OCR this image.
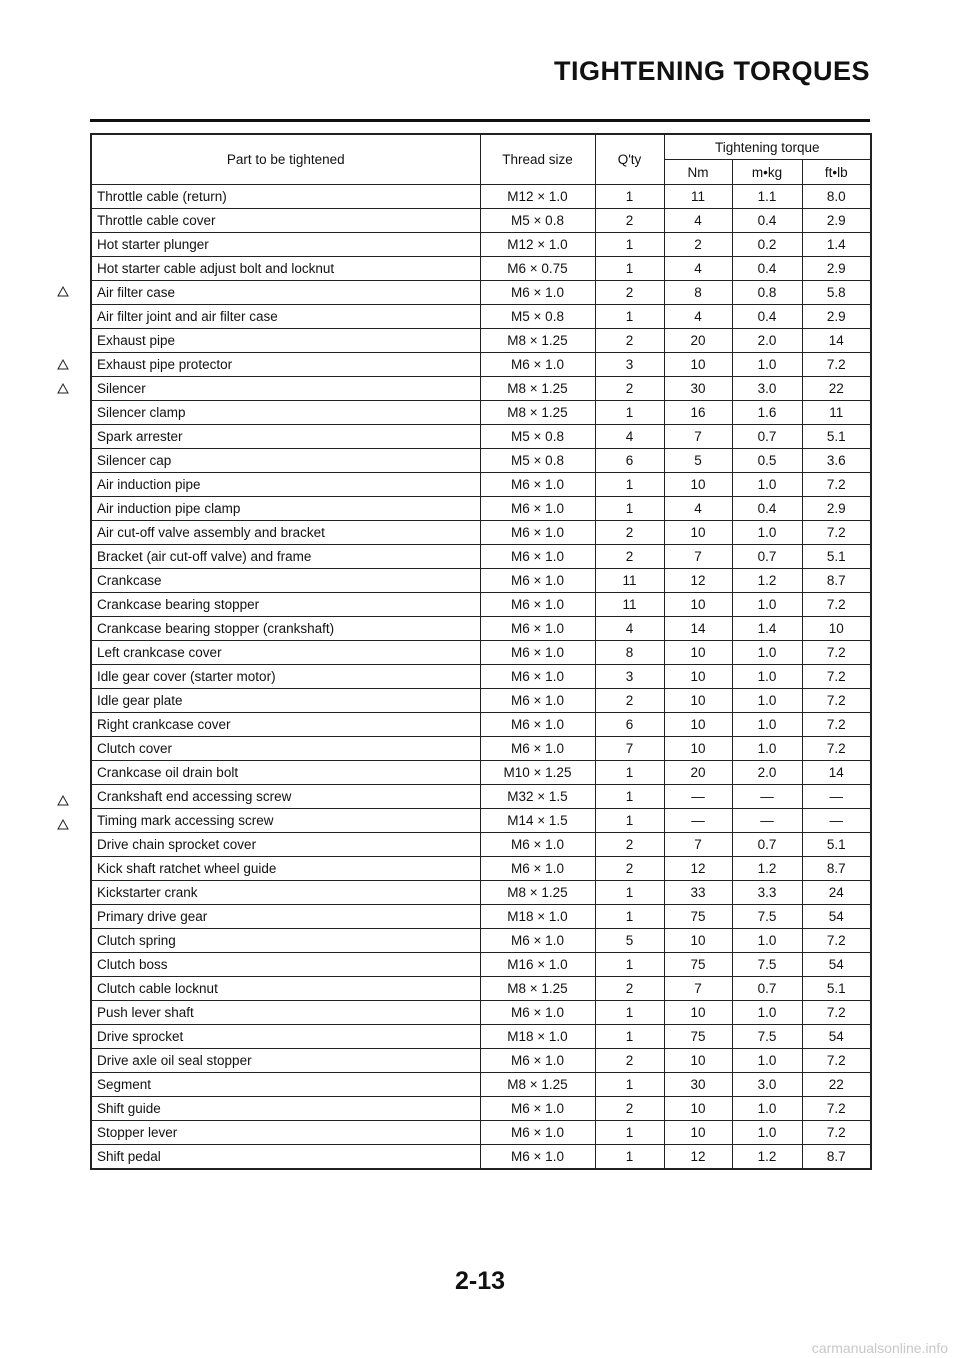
TIGHTENING TORQUES
Part to be tightened	Thread size	Q'ty	Tightening torque		
			Nm	m•kg	ft•lb
Throttle cable (return)	M12 × 1.0	1	11	1.1	8.0
Throttle cable cover	M5 × 0.8	2	4	0.4	2.9
Hot starter plunger	M12 × 1.0	1	2	0.2	1.4
Hot starter cable adjust bolt and locknut	M6 × 0.75	1	4	0.4	2.9
Air filter case	M6 × 1.0	2	8	0.8	5.8
Air filter joint and air filter case	M5 × 0.8	1	4	0.4	2.9
Exhaust pipe	M8 × 1.25	2	20	2.0	14
Exhaust pipe protector	M6 × 1.0	3	10	1.0	7.2
Silencer	M8 × 1.25	2	30	3.0	22
Silencer clamp	M8 × 1.25	1	16	1.6	11
Spark arrester	M5 × 0.8	4	7	0.7	5.1
Silencer cap	M5 × 0.8	6	5	0.5	3.6
Air induction pipe	M6 × 1.0	1	10	1.0	7.2
Air induction pipe clamp	M6 × 1.0	1	4	0.4	2.9
Air cut-off valve assembly and bracket	M6 × 1.0	2	10	1.0	7.2
Bracket (air cut-off valve) and frame	M6 × 1.0	2	7	0.7	5.1
Crankcase	M6 × 1.0	11	12	1.2	8.7
Crankcase bearing stopper	M6 × 1.0	11	10	1.0	7.2
Crankcase bearing stopper (crankshaft)	M6 × 1.0	4	14	1.4	10
Left crankcase cover	M6 × 1.0	8	10	1.0	7.2
Idle gear cover (starter motor)	M6 × 1.0	3	10	1.0	7.2
Idle gear plate	M6 × 1.0	2	10	1.0	7.2
Right crankcase cover	M6 × 1.0	6	10	1.0	7.2
Clutch cover	M6 × 1.0	7	10	1.0	7.2
Crankcase oil drain bolt	M10 × 1.25	1	20	2.0	14
Crankshaft end accessing screw	M32 × 1.5	1	—	—	—
Timing mark accessing screw	M14 × 1.5	1	—	—	—
Drive chain sprocket cover	M6 × 1.0	2	7	0.7	5.1
Kick shaft ratchet wheel guide	M6 × 1.0	2	12	1.2	8.7
Kickstarter crank	M8 × 1.25	1	33	3.3	24
Primary drive gear	M18 × 1.0	1	75	7.5	54
Clutch spring	M6 × 1.0	5	10	1.0	7.2
Clutch boss	M16 × 1.0	1	75	7.5	54
Clutch cable locknut	M8 × 1.25	2	7	0.7	5.1
Push lever shaft	M6 × 1.0	1	10	1.0	7.2
Drive sprocket	M18 × 1.0	1	75	7.5	54
Drive axle oil seal stopper	M6 × 1.0	2	10	1.0	7.2
Segment	M8 × 1.25	1	30	3.0	22
Shift guide	M6 × 1.0	2	10	1.0	7.2
Stopper lever	M6 × 1.0	1	10	1.0	7.2
Shift pedal	M6 × 1.0	1	12	1.2	8.7
2-13
carmanualsonline.info
